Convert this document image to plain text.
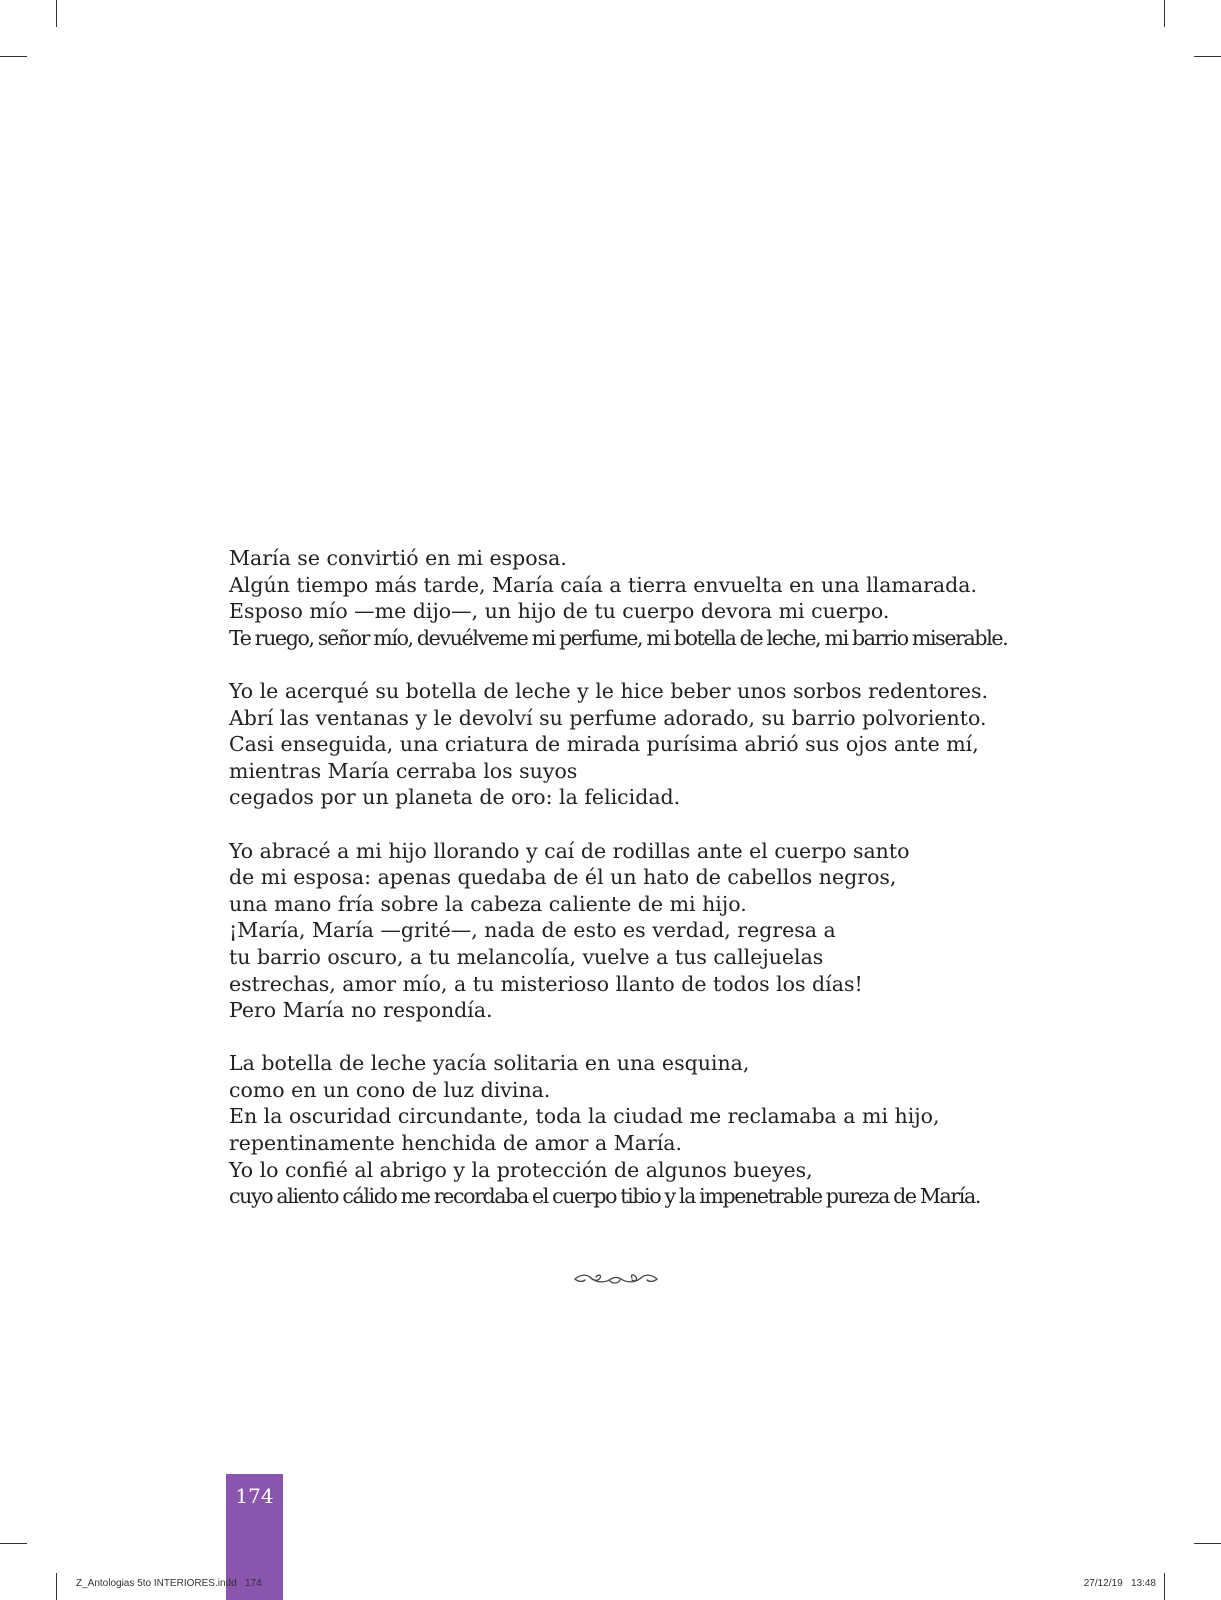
María se convirtió en mi esposa.
Algún tiempo más tarde, María caía a tierra envuelta en una llamarada.
Esposo mío —me dijo—, un hijo de tu cuerpo devora mi cuerpo.
Te ruego, señor mío, devuélveme mi perfume, mi botella de leche, mi barrio miserable.
Yo le acerqué su botella de leche y le hice beber unos sorbos redentores.
Abrí las ventanas y le devolví su perfume adorado, su barrio polvoriento.
Casi enseguida, una criatura de mirada purísima abrió sus ojos ante mí,
mientras María cerraba los suyos
cegados por un planeta de oro: la felicidad.
Yo abracé a mi hijo llorando y caí de rodillas ante el cuerpo santo
de mi esposa: apenas quedaba de él un hato de cabellos negros,
una mano fría sobre la cabeza caliente de mi hijo.
¡María, María —grité—, nada de esto es verdad, regresa a
tu barrio oscuro, a tu melancolía, vuelve a tus callejuelas
estrechas, amor mío, a tu misterioso llanto de todos los días!
Pero María no respondía.
La botella de leche yacía solitaria en una esquina,
como en un cono de luz divina.
En la oscuridad circundante, toda la ciudad me reclamaba a mi hijo,
repentinamente henchida de amor a María.
Yo lo confié al abrigo y la protección de algunos bueyes,
cuyo aliento cálido me recordaba el cuerpo tibio y la impenetrable pureza de María.
174
Z_Antologias 5to INTERIORES.indd   174	27/12/19   13:48
